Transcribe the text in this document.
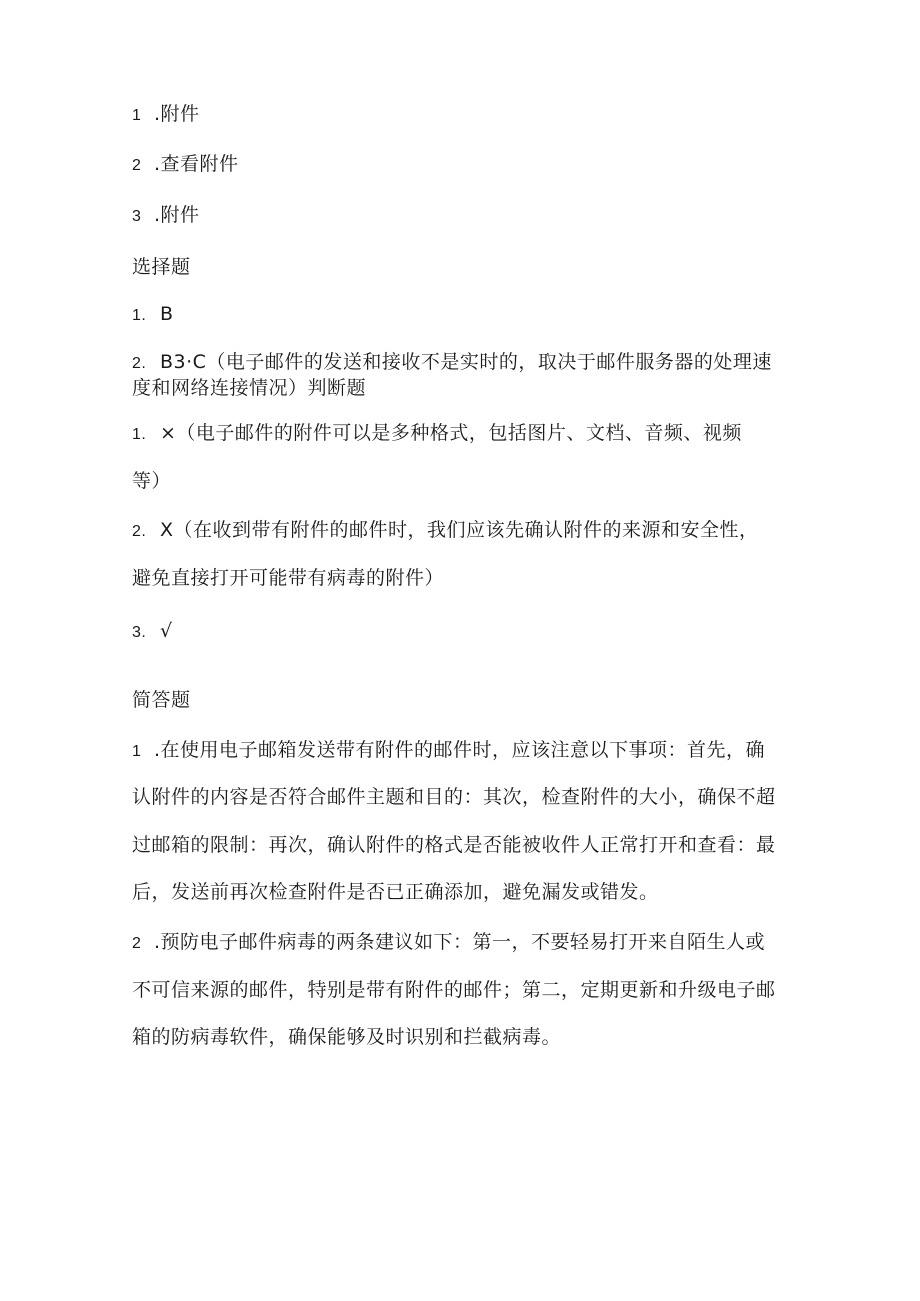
1 .附件
2 .查看附件
3 .附件
选择题
1. B
2. B3·C（电子邮件的发送和接收不是实时的，取决于邮件服务器的处理速
度和网络连接情况）判断题
1. ×（电子邮件的附件可以是多种格式，包括图片、文档、音频、视频
等）
2. X（在收到带有附件的邮件时，我们应该先确认附件的来源和安全性，
避免直接打开可能带有病毒的附件）
3. √
简答题
1 .在使用电子邮箱发送带有附件的邮件时，应该注意以下事项：首先，确
认附件的内容是否符合邮件主题和目的：其次，检查附件的大小，确保不超
过邮箱的限制：再次，确认附件的格式是否能被收件人正常打开和查看：最
后，发送前再次检查附件是否已正确添加，避免漏发或错发。
2 .预防电子邮件病毒的两条建议如下：第一，不要轻易打开来自陌生人或
不可信来源的邮件，特别是带有附件的邮件；第二，定期更新和升级电子邮
箱的防病毒软件，确保能够及时识别和拦截病毒。
